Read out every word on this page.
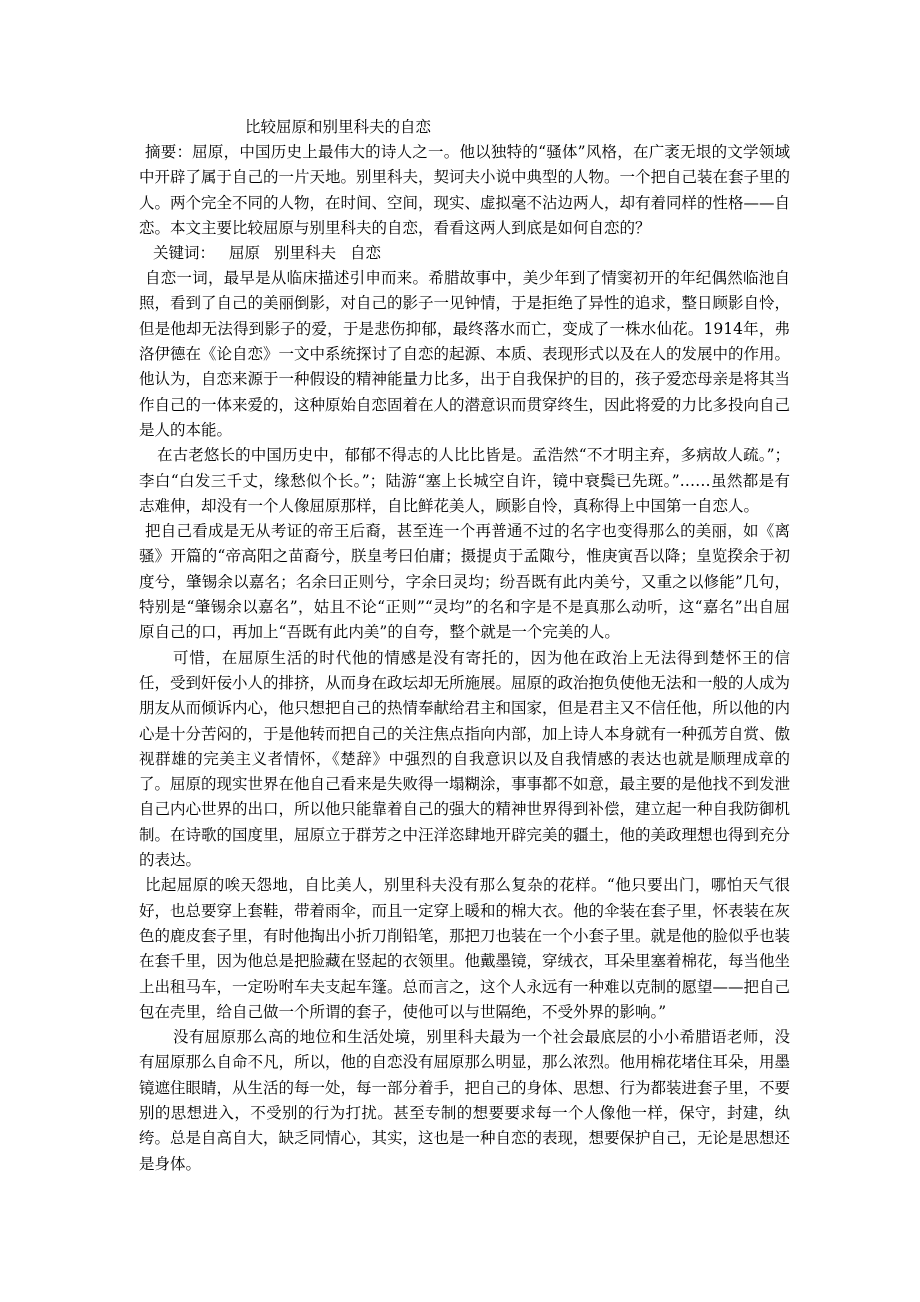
比较屈原和别里科夫的自恋

摘要：屈原，中国历史上最伟大的诗人之一。他以独特的“骚体”风格，在广袤无垠的文学领域中开辟了属于自己的一片天地。别里科夫，契诃夫小说中典型的人物。一个把自己装在套子里的人。两个完全不同的人物，在时间、空间，现实、虚拟毫不沾边两人，却有着同样的性格——自恋。本文主要比较屈原与别里科夫的自恋，看看这两人到底是如何自恋的？

关键词： 屈原 别里科夫 自恋

自恋一词，最早是从临床描述引申而来。希腊故事中，美少年到了情窦初开的年纪偶然临池自照，看到了自己的美丽倒影，对自己的影子一见钟情，于是拒绝了异性的追求，整日顾影自怜，但是他却无法得到影子的爱，于是悲伤抑郁，最终落水而亡，变成了一株水仙花。1914年，弗洛伊德在《论自恋》一文中系统探讨了自恋的起源、本质、表现形式以及在人的发展中的作用。他认为，自恋来源于一种假设的精神能量力比多，出于自我保护的目的，孩子爱恋母亲是将其当作自己的一体来爱的，这种原始自恋固着在人的潜意识而贯穿终生，因此将爱的力比多投向自己是人的本能。

在古老悠长的中国历史中，郁郁不得志的人比比皆是。孟浩然“不才明主弃，多病故人疏。”；李白“白发三千丈，缘愁似个长。”；陆游“塞上长城空自许，镜中衰鬓已先斑。”……虽然都是有志难伸，却没有一个人像屈原那样，自比鲜花美人，顾影自怜，真称得上中国第一自恋人。

把自己看成是无从考证的帝王后裔，甚至连一个再普通不过的名字也变得那么的美丽，如《离骚》开篇的“帝高阳之苗裔兮，朕皇考曰伯庸；摄提贞于孟陬兮，惟庚寅吾以降；皇览揆余于初度兮，肇锡余以嘉名；名余曰正则兮，字余曰灵均；纷吾既有此内美兮，又重之以修能”几句，特别是“肇锡余以嘉名”，姑且不论“正则”“灵均”的名和字是不是真那么动听，这“嘉名”出自屈原自己的口，再加上“吾既有此内美”的自夸，整个就是一个完美的人。

可惜，在屈原生活的时代他的情感是没有寄托的，因为他在政治上无法得到楚怀王的信任，受到奸佞小人的排挤，从而身在政坛却无所施展。屈原的政治抱负使他无法和一般的人成为朋友从而倾诉内心，他只想把自己的热情奉献给君主和国家，但是君主又不信任他，所以他的内心是十分苦闷的，于是他转而把自己的关注焦点指向内部，加上诗人本身就有一种孤芳自赏、傲视群雄的完美主义者情怀，《楚辞》中强烈的自我意识以及自我情感的表达也就是顺理成章的了。屈原的现实世界在他自己看来是失败得一塌糊涂，事事都不如意，最主要的是他找不到发泄自己内心世界的出口，所以他只能靠着自己的强大的精神世界得到补偿，建立起一种自我防御机制。在诗歌的国度里，屈原立于群芳之中汪洋恣肆地开辟完美的疆土，他的美政理想也得到充分的表达。

比起屈原的唉天怨地，自比美人，别里科夫没有那么复杂的花样。“他只要出门，哪怕天气很好，也总要穿上套鞋，带着雨伞，而且一定穿上暖和的棉大衣。他的伞装在套子里，怀表装在灰色的鹿皮套子里，有时他掏出小折刀削铅笔，那把刀也装在一个小套子里。就是他的脸似乎也装在套千里，因为他总是把脸藏在竖起的衣领里。他戴墨镜，穿绒衣，耳朵里塞着棉花，每当他坐上出租马车，一定吩咐车夫支起车篷。总而言之，这个人永远有一种难以克制的愿望——把自己包在壳里，给自己做一个所谓的套子，使他可以与世隔绝，不受外界的影响。”

没有屈原那么高的地位和生活处境，别里科夫最为一个社会最底层的小小希腊语老师，没有屈原那么自命不凡，所以，他的自恋没有屈原那么明显，那么浓烈。他用棉花堵住耳朵，用墨镜遮住眼睛，从生活的每一处，每一部分着手，把自己的身体、思想、行为都装进套子里，不要别的思想进入，不受别的行为打扰。甚至专制的想要要求每一个人像他一样，保守，封建，纨绔。总是自高自大，缺乏同情心，其实，这也是一种自恋的表现，想要保护自己，无论是思想还是身体。
